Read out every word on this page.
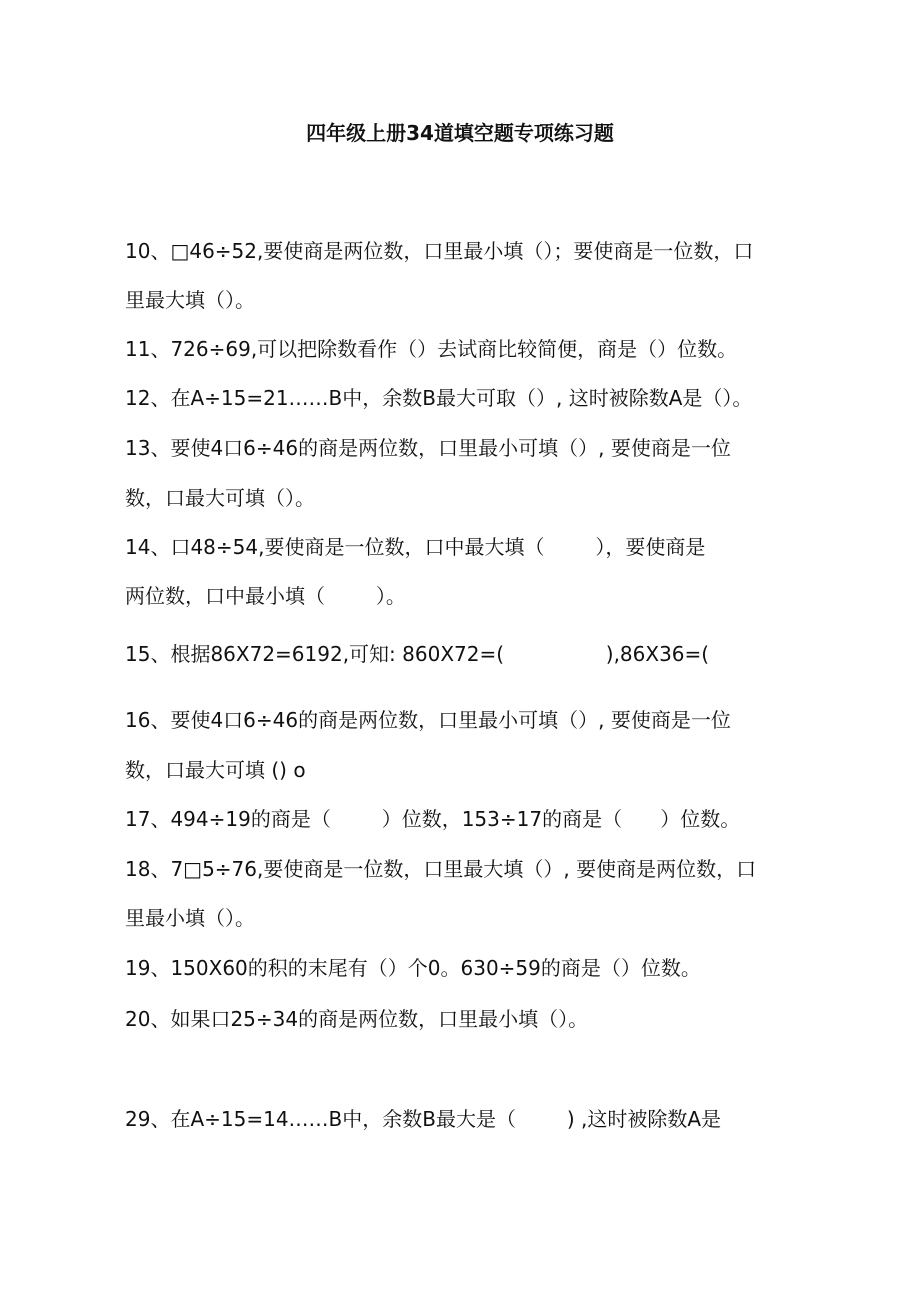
四年级上册34道填空题专项练习题
10、□46÷52,要使商是两位数，口里最小填（）；要使商是一位数，口
里最大填（）。
11、726÷69,可以把除数看作（）去试商比较简便，商是（）位数。
12、在A÷15=21……B中，余数B最大可取（）, 这时被除数A是（）。
13、要使4口6÷46的商是两位数，口里最小可填（）, 要使商是一位
数，口最大可填（）。
14、口48÷54,要使商是一位数，口中最大填（        ），要使商是
两位数，口中最小填（        ）。
15、根据86X72=6192,可知: 860X72=(                ),86X36=(
16、要使4口6÷46的商是两位数，口里最小可填（）, 要使商是一位
数，口最大可填 () o
17、494÷19的商是（        ）位数，153÷17的商是（      ）位数。
18、7□5÷76,要使商是一位数，口里最大填（）, 要使商是两位数，口
里最小填（）。
19、150X60的积的末尾有（）个0。630÷59的商是（）位数。
20、如果口25÷34的商是两位数，口里最小填（）。
29、在A÷15=14……B中，余数B最大是（        ) ,这时被除数A是
